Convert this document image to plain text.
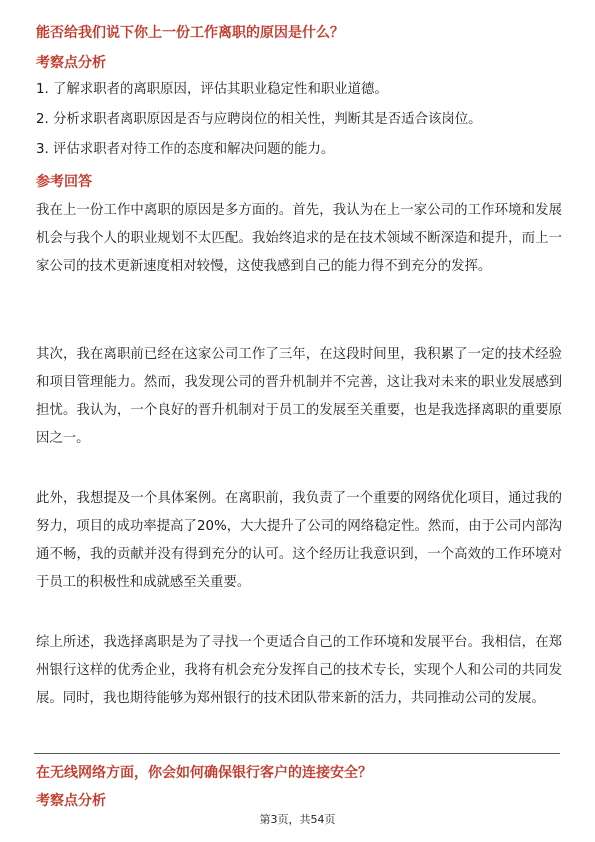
能否给我们说下你上一份工作离职的原因是什么？
考察点分析
1. 了解求职者的离职原因，评估其职业稳定性和职业道德。
2. 分析求职者离职原因是否与应聘岗位的相关性，判断其是否适合该岗位。
3. 评估求职者对待工作的态度和解决问题的能力。
参考回答

我在上一份工作中离职的原因是多方面的。首先，我认为在上一家公司的工作环境和发展机会与我个人的职业规划不太匹配。我始终追求的是在技术领域不断深造和提升，而上一家公司的技术更新速度相对较慢，这使我感到自己的能力得不到充分的发挥。

其次，我在离职前已经在这家公司工作了三年，在这段时间里，我积累了一定的技术经验和项目管理能力。然而，我发现公司的晋升机制并不完善，这让我对未来的职业发展感到担忧。我认为，一个良好的晋升机制对于员工的发展至关重要，也是我选择离职的重要原因之一。

此外，我想提及一个具体案例。在离职前，我负责了一个重要的网络优化项目，通过我的努力，项目的成功率提高了20%，大大提升了公司的网络稳定性。然而，由于公司内部沟通不畅，我的贡献并没有得到充分的认可。这个经历让我意识到，一个高效的工作环境对于员工的积极性和成就感至关重要。

综上所述，我选择离职是为了寻找一个更适合自己的工作环境和发展平台。我相信，在郑州银行这样的优秀企业，我将有机会充分发挥自己的技术专长，实现个人和公司的共同发展。同时，我也期待能够为郑州银行的技术团队带来新的活力，共同推动公司的发展。

在无线网络方面，你会如何确保银行客户的连接安全？
考察点分析
第3页，共54页
